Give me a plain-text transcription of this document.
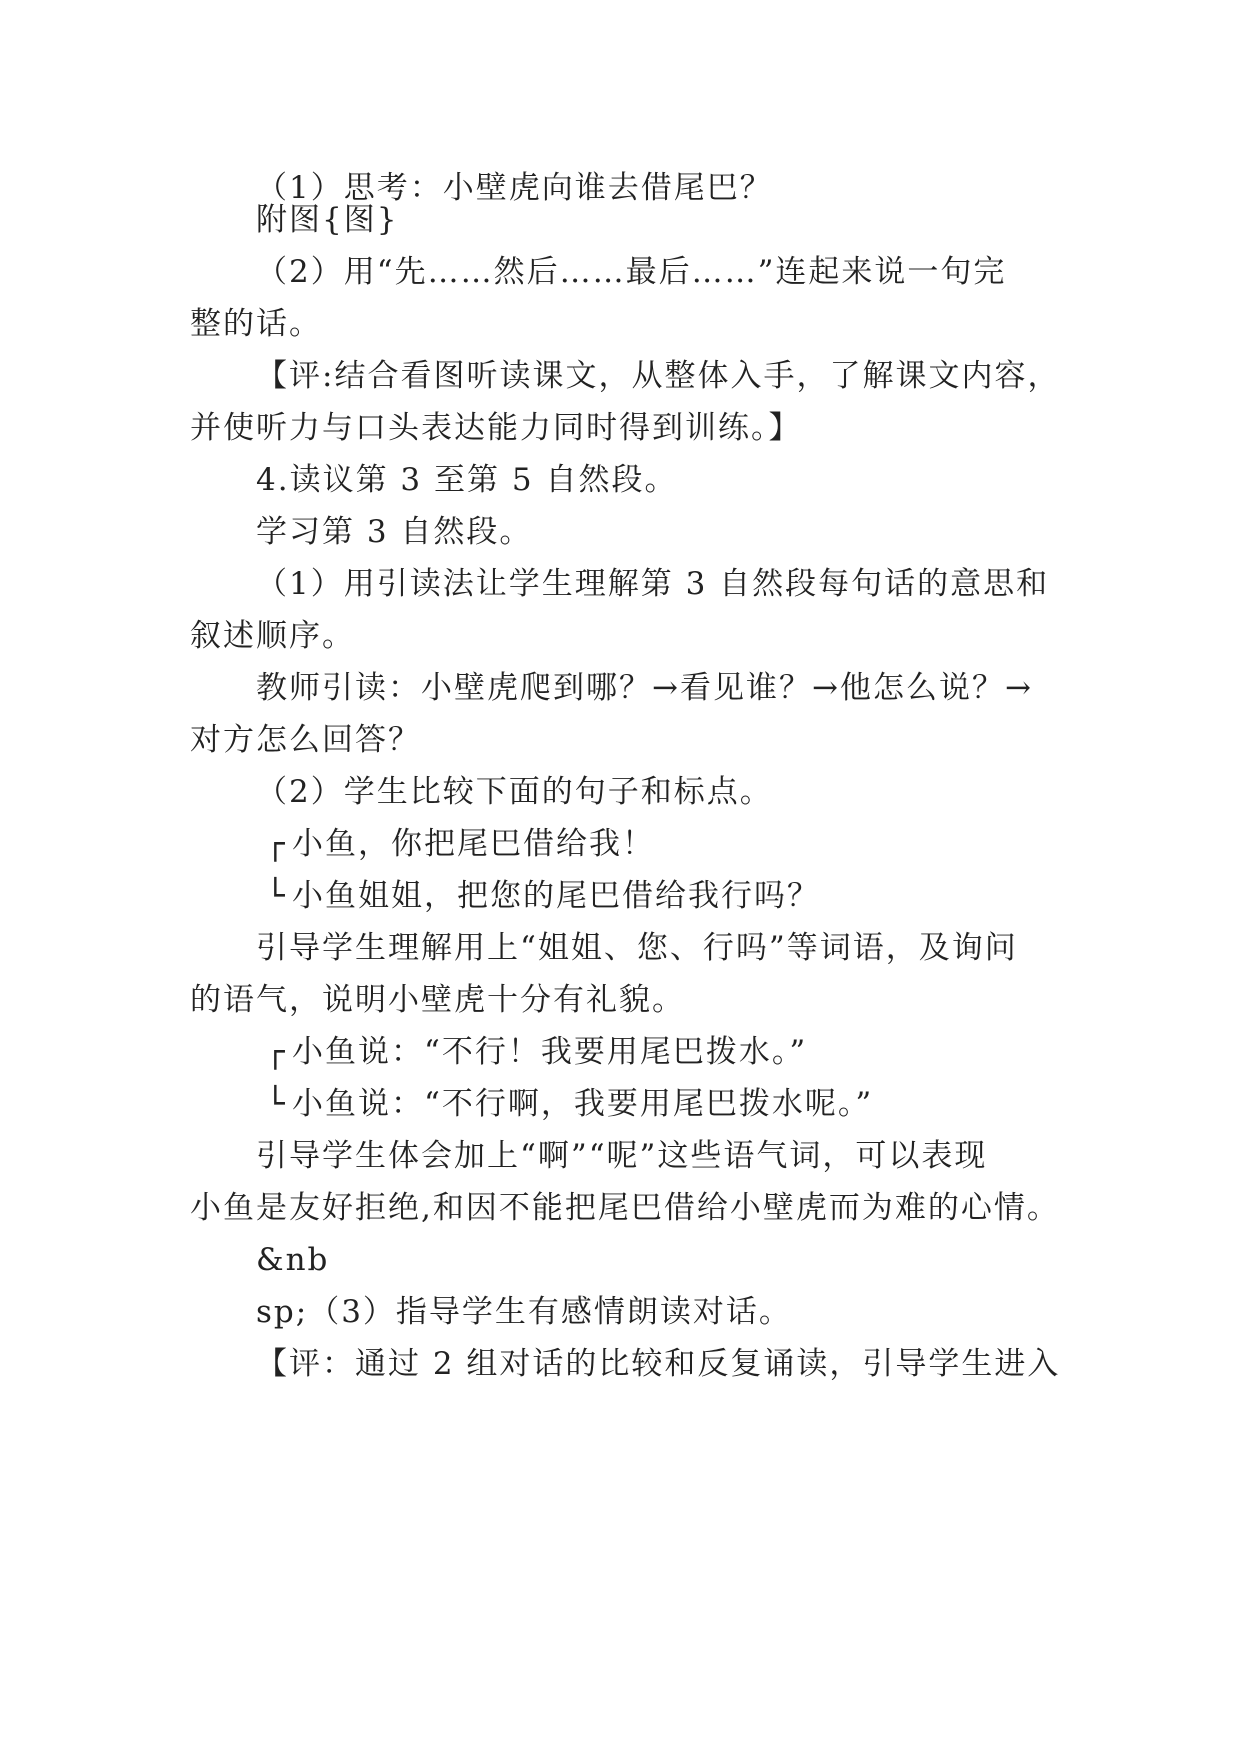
（1）思考：小壁虎向谁去借尾巴？
附图{图}
（2）用“先……然后……最后……”连起来说一句完
整的话。
【评:结合看图听读课文，从整体入手，了解课文内容，
并使听力与口头表达能力同时得到训练。】
4.读议第 3 至第 5 自然段。
学习第 3 自然段。
（1）用引读法让学生理解第 3 自然段每句话的意思和
叙述顺序。
教师引读：小壁虎爬到哪？→看见谁？→他怎么说？→
对方怎么回答？
（2）学生比较下面的句子和标点。
┌ 小鱼，你把尾巴借给我！
└ 小鱼姐姐，把您的尾巴借给我行吗？
引导学生理解用上“姐姐、您、行吗”等词语，及询问
的语气，说明小壁虎十分有礼貌。
┌ 小鱼说：“不行！我要用尾巴拨水。”
└ 小鱼说：“不行啊，我要用尾巴拨水呢。”
引导学生体会加上“啊”“呢”这些语气词，可以表现
小鱼是友好拒绝,和因不能把尾巴借给小壁虎而为难的心情。
&nb
sp;（3）指导学生有感情朗读对话。
【评：通过 2 组对话的比较和反复诵读，引导学生进入
